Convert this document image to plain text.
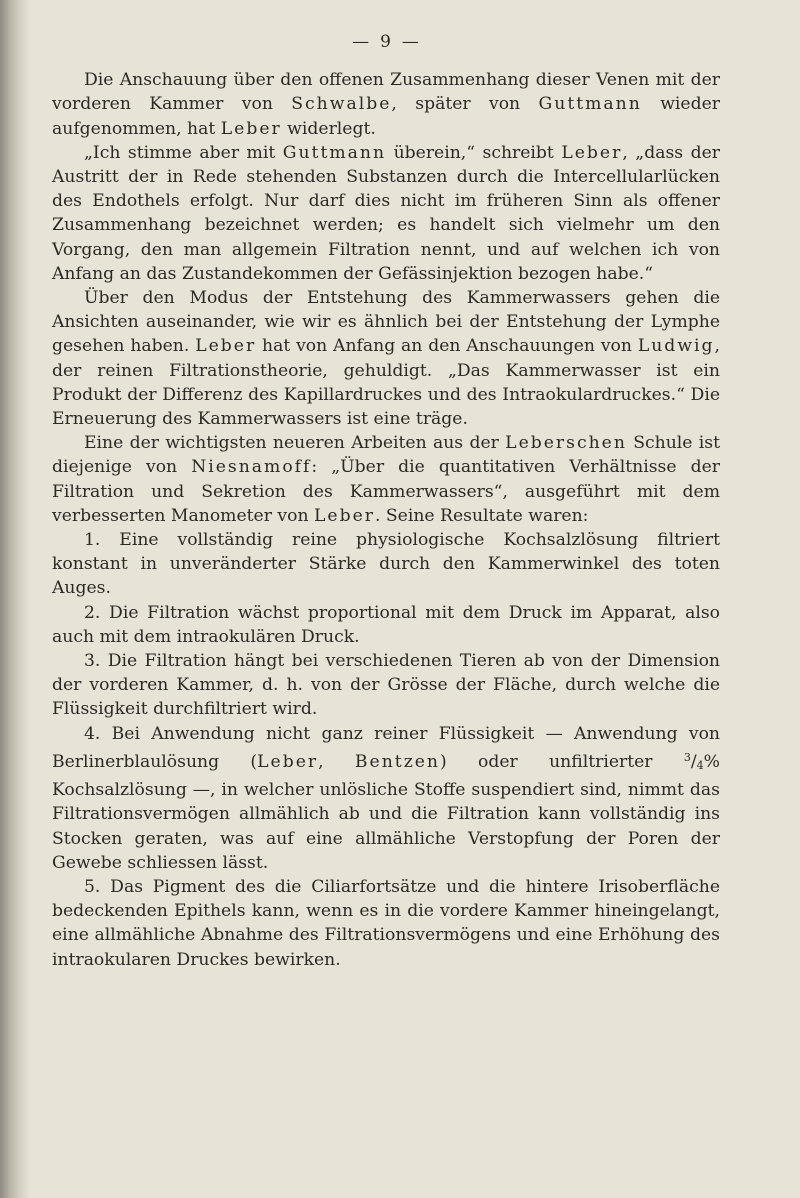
— 9 —

Die Anschauung über den offenen Zusammenhang dieser Venen mit der vorderen Kammer von Schwalbe, später von Guttmann wieder aufgenommen, hat Leber widerlegt.

„Ich stimme aber mit Guttmann überein,“ schreibt Leber, „dass der Austritt der in Rede stehenden Substanzen durch die Intercellularlücken des Endothels erfolgt. Nur darf dies nicht im früheren Sinn als offener Zusammenhang bezeichnet werden; es handelt sich vielmehr um den Vorgang, den man allgemein Filtration nennt, und auf welchen ich von Anfang an das Zustandekommen der Gefässinjektion bezogen habe.“

Über den Modus der Entstehung des Kammerwassers gehen die Ansichten auseinander, wie wir es ähnlich bei der Entstehung der Lymphe gesehen haben. Leber hat von Anfang an den Anschauungen von Ludwig, der reinen Filtrationstheorie, gehuldigt. „Das Kammerwasser ist ein Produkt der Differenz des Kapillardruckes und des Intraokulardruckes.“ Die Erneuerung des Kammerwassers ist eine träge.

Eine der wichtigsten neueren Arbeiten aus der Leberschen Schule ist diejenige von Niesnamoff: „Über die quantitativen Verhältnisse der Filtration und Sekretion des Kammerwassers“, ausgeführt mit dem verbesserten Manometer von Leber. Seine Resultate waren:

1. Eine vollständig reine physiologische Kochsalzlösung filtriert konstant in unveränderter Stärke durch den Kammerwinkel des toten Auges.

2. Die Filtration wächst proportional mit dem Druck im Apparat, also auch mit dem intraokulären Druck.

3. Die Filtration hängt bei verschiedenen Tieren ab von der Dimension der vorderen Kammer, d. h. von der Grösse der Fläche, durch welche die Flüssigkeit durchfiltriert wird.

4. Bei Anwendung nicht ganz reiner Flüssigkeit — Anwendung von Berlinerblaulösung (Leber, Bentzen) oder unfiltrierter $^3$/4% Kochsalzlösung —, in welcher unlösliche Stoffe suspendiert sind, nimmt das Filtrationsvermögen allmählich ab und die Filtration kann vollständig ins Stocken geraten, was auf eine allmähliche Verstopfung der Poren der Gewebe schliessen lässt.

5. Das Pigment des die Ciliarfortsätze und die hintere Irisoberfläche bedeckenden Epithels kann, wenn es in die vordere Kammer hineingelangt, eine allmähliche Abnahme des Filtrationsvermögens und eine Erhöhung des intraokularen Druckes bewirken.
